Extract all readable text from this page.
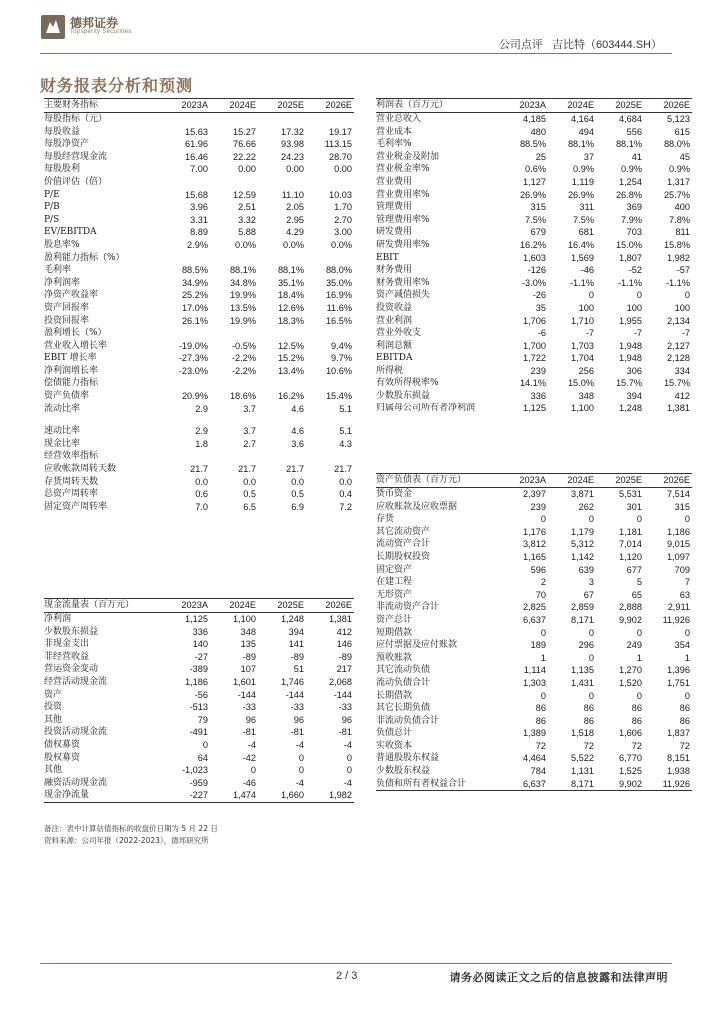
德邦证券
Topsperity Securities
公司点评 吉比特（603444.SH）
财务报表分析和预测
主要财务指标	2023A	2024E	2025E	2026E
每股指标（元）				
每股收益	15.63	15.27	17.32	19.17
每股净资产	61.96	76.66	93.98	113.15
每股经营现金流	16.46	22.22	24.23	28.70
每股股利	7.00	0.00	0.00	0.00
价值评估（倍）				
P/E	15.68	12.59	11.10	10.03
P/B	3.96	2.51	2.05	1.70
P/S	3.31	3.32	2.95	2.70
EV/EBITDA	8.89	5.88	4.29	3.00
股息率%	2.9%	0.0%	0.0%	0.0%
盈利能力指标（%）				
毛利率	88.5%	88.1%	88.1%	88.0%
净利润率	34.9%	34.8%	35.1%	35.0%
净资产收益率	25.2%	19.9%	18.4%	16.9%
资产回报率	17.0%	13.5%	12.6%	11.6%
投资回报率	26.1%	19.9%	18.3%	16.5%
盈利增长（%）				
营业收入增长率	-19.0%	-0.5%	12.5%	9.4%
EBIT 增长率	-27.3%	-2.2%	15.2%	9.7%
净利润增长率	-23.0%	-2.2%	13.4%	10.6%
偿债能力指标				
资产负债率	20.9%	18.6%	16.2%	15.4%
流动比率	2.9	3.7	4.6	5.1

速动比率	2.9	3.7	4.6	5.1
现金比率	1.8	2.7	3.6	4.3
经营效率指标				
应收帐款周转天数	21.7	21.7	21.7	21.7
存货周转天数	0.0	0.0	0.0	0.0
总资产周转率	0.6	0.5	0.5	0.4
固定资产周转率	7.0	6.5	6.9	7.2
现金流量表（百万元）	2023A	2024E	2025E	2026E
净利润	1,125	1,100	1,248	1,381
少数股东损益	336	348	394	412
非现金支出	140	135	141	146
非经营收益	-27	-89	-89	-89
营运资金变动	-389	107	51	217
经营活动现金流	1,186	1,601	1,746	2,068
资产	-56	-144	-144	-144
投资	-513	-33	-33	-33
其他	79	96	96	96
投资活动现金流	-491	-81	-81	-81
债权募资	0	-4	-4	-4
股权募资	64	-42	0	0
其他	-1,023	0	0	0
融资活动现金流	-959	-46	-4	-4
现金净流量	-227	1,474	1,660	1,982
备注：表中计算估值指标的收盘价日期为 5 月 22 日
资料来源：公司年报（2022-2023），德邦研究所
利润表（百万元）	2023A	2024E	2025E	2026E
营业总收入	4,185	4,164	4,684	5,123
营业成本	480	494	556	615
毛利率%	88.5%	88.1%	88.1%	88.0%
营业税金及附加	25	37	41	45
营业税金率%	0.6%	0.9%	0.9%	0.9%
营业费用	1,127	1,119	1,254	1,317
营业费用率%	26.9%	26.9%	26.8%	25.7%
管理费用	315	311	369	400
管理费用率%	7.5%	7.5%	7.9%	7.8%
研发费用	679	681	703	811
研发费用率%	16.2%	16.4%	15.0%	15.8%
EBIT	1,603	1,569	1,807	1,982
财务费用	-126	-46	-52	-57
财务费用率%	-3.0%	-1.1%	-1.1%	-1.1%
资产减值损失	-26	0	0	0
投资收益	35	100	100	100
营业利润	1,706	1,710	1,955	2,134
营业外收支	-6	-7	-7	-7
利润总额	1,700	1,703	1,948	2,127
EBITDA	1,722	1,704	1,948	2,128
所得税	239	256	306	334
有效所得税率%	14.1%	15.0%	15.7%	15.7%
少数股东损益	336	348	394	412
归属母公司所有者净利润	1,125	1,100	1,248	1,381
资产负债表（百万元）	2023A	2024E	2025E	2026E
货币资金	2,397	3,871	5,531	7,514
应收账款及应收票据	239	262	301	315
存货	0	0	0	0
其它流动资产	1,176	1,179	1,181	1,186
流动资产合计	3,812	5,312	7,014	9,015
长期股权投资	1,165	1,142	1,120	1,097
固定资产	596	639	677	709
在建工程	2	3	5	7
无形资产	70	67	65	63
非流动资产合计	2,825	2,859	2,888	2,911
资产总计	6,637	8,171	9,902	11,926
短期借款	0	0	0	0
应付票据及应付账款	189	296	249	354
预收账款	1	0	1	1
其它流动负债	1,114	1,135	1,270	1,396
流动负债合计	1,303	1,431	1,520	1,751
长期借款	0	0	0	0
其它长期负债	86	86	86	86
非流动负债合计	86	86	86	86
负债总计	1,389	1,518	1,606	1,837
实收资本	72	72	72	72
普通股股东权益	4,464	5,522	6,770	8,151
少数股东权益	784	1,131	1,525	1,938
负债和所有者权益合计	6,637	8,171	9,902	11,926
2 / 3	请务必阅读正文之后的信息披露和法律声明
